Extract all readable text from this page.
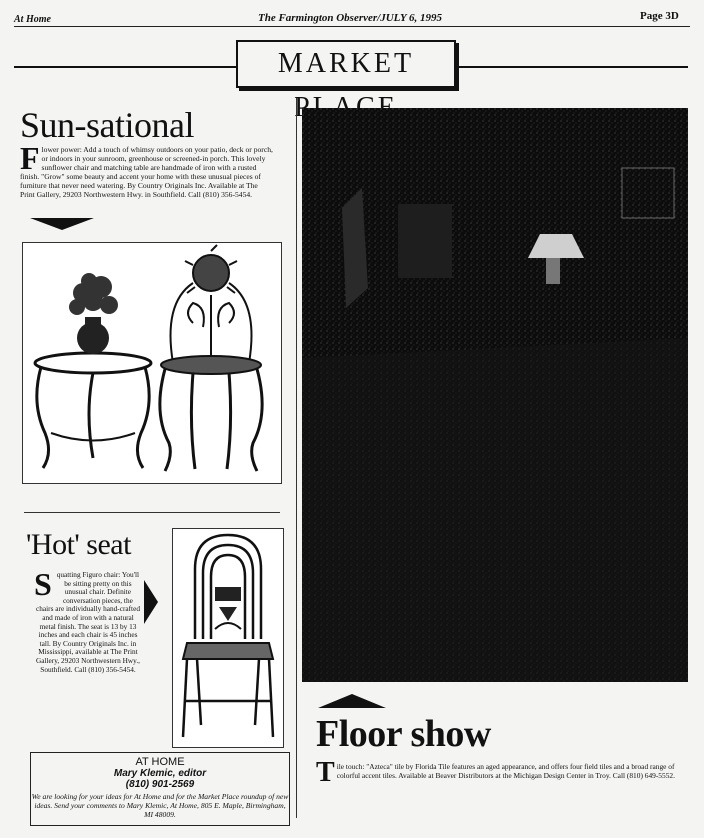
At Home	The Farmington Observer/JULY 6, 1995	Page 3D
MARKET
Sun-sational
Flower power: Add a touch of whimsy outdoors on your patio, deck or porch, or indoors in your sunroom, greenhouse or screened-in porch. This lovely sunflower chair and matching table are handmade of iron with a rusted finish. "Grow" some beauty and accent your home with these unusual pieces of furniture that never need watering. By Country Originals Inc. Available at The Print Gallery, 29203 Northwestern Hwy. in Southfield. Call (810) 356-5454.
'Hot' seat
Squatting Figuro chair: You'll be sitting pretty on this unusual chair. Definite conversation pieces, the chairs are individually hand-crafted and made of iron with a natural metal finish. The seat is 13 by 13 inches and each chair is 45 inches tall. By Country Originals Inc. in Mississippi, available at The Print Gallery, 29203 Northwestern Hwy., Southfield. Call (810) 356-5454.
AT HOME
Mary Klemic, editor
(810) 901-2569
We are looking for your ideas for At Home and for the Market Place roundup of new ideas. Send your comments to Mary Klemic, At Home, 805 E. Maple, Birmingham, MI 48009.
Floor show
Tile touch: "Azteca" tile by Florida Tile features an aged appearance, and offers four field tiles and a broad range of colorful accent tiles. Available at Beaver Distributors at the Michigan Design Center in Troy. Call (810) 649-5552.
